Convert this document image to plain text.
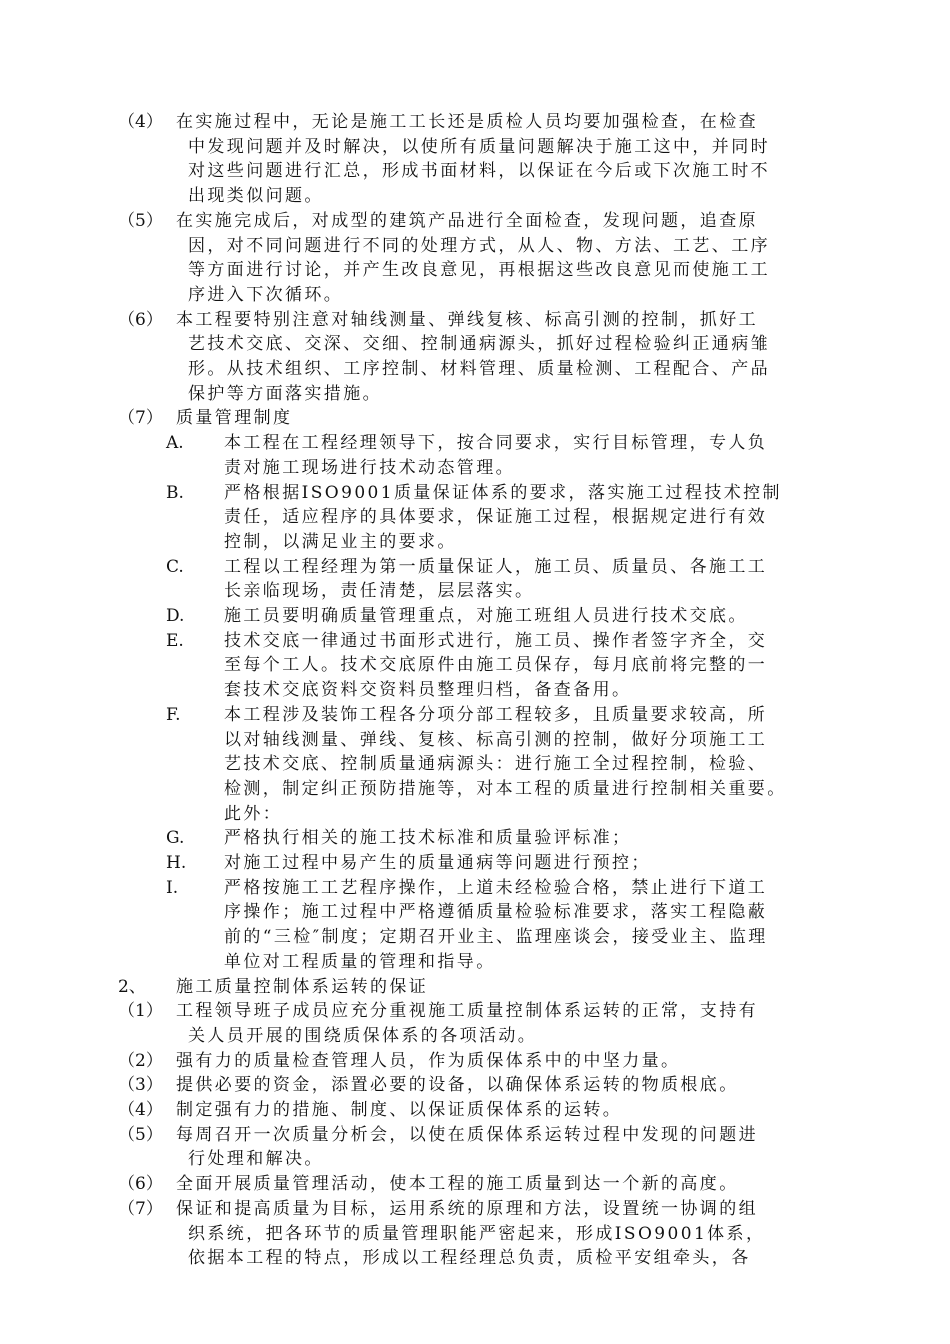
（4） 在实施过程中，无论是施工工长还是质检人员均要加强检查，在检查
中发现问题并及时解决，以使所有质量问题解决于施工这中，并同时
对这些问题进行汇总，形成书面材料，以保证在今后或下次施工时不
出现类似问题。
（5） 在实施完成后，对成型的建筑产品进行全面检查，发现问题，追查原
因，对不同问题进行不同的处理方式，从人、物、方法、工艺、工序
等方面进行讨论，并产生改良意见，再根据这些改良意见而使施工工
序进入下次循环。
（6） 本工程要特别注意对轴线测量、弹线复核、标高引测的控制，抓好工
艺技术交底、交深、交细、控制通病源头，抓好过程检验纠正通病雏
形。从技术组织、工序控制、材料管理、质量检测、工程配合、产品
保护等方面落实措施。
（7） 质量管理制度
A. 本工程在工程经理领导下，按合同要求，实行目标管理，专人负
责对施工现场进行技术动态管理。
B. 严格根据ISO9001质量保证体系的要求，落实施工过程技术控制
责任，适应程序的具体要求，保证施工过程，根据规定进行有效
控制，以满足业主的要求。
C. 工程以工程经理为第一质量保证人，施工员、质量员、各施工工
长亲临现场，责任清楚，层层落实。
D. 施工员要明确质量管理重点，对施工班组人员进行技术交底。
E. 技术交底一律通过书面形式进行，施工员、操作者签字齐全，交
至每个工人。技术交底原件由施工员保存，每月底前将完整的一
套技术交底资料交资料员整理归档，备查备用。
F.	本工程涉及装饰工程各分项分部工程较多，且质量要求较高，所
以对轴线测量、弹线、复核、标高引测的控制，做好分项施工工
艺技术交底、控制质量通病源头：进行施工全过程控制，检验、
检测，制定纠正预防措施等，对本工程的质量进行控制相关重要。
此外：
G. 严格执行相关的施工技术标准和质量验评标准；
H. 对施工过程中易产生的质量通病等问题进行预控；
I.	严格按施工工艺程序操作，上道未经检验合格，禁止进行下道工
序操作；施工过程中严格遵循质量检验标准要求，落实工程隐蔽
前的“三检″制度；定期召开业主、监理座谈会，接受业主、监理
单位对工程质量的管理和指导。
2、 施工质量控制体系运转的保证
（1） 工程领导班子成员应充分重视施工质量控制体系运转的正常，支持有
关人员开展的围绕质保体系的各项活动。
（2） 强有力的质量检查管理人员，作为质保体系中的中坚力量。
（3） 提供必要的资金，添置必要的设备，以确保体系运转的物质根底。
（4） 制定强有力的措施、制度、以保证质保体系的运转。
（5） 每周召开一次质量分析会，以使在质保体系运转过程中发现的问题进
行处理和解决。
（6） 全面开展质量管理活动，使本工程的施工质量到达一个新的高度。
（7） 保证和提高质量为目标，运用系统的原理和方法，设置统一协调的组
织系统，把各环节的质量管理职能严密起来，形成ISO9001体系，
依据本工程的特点，形成以工程经理总负责，质检平安组牵头，各
